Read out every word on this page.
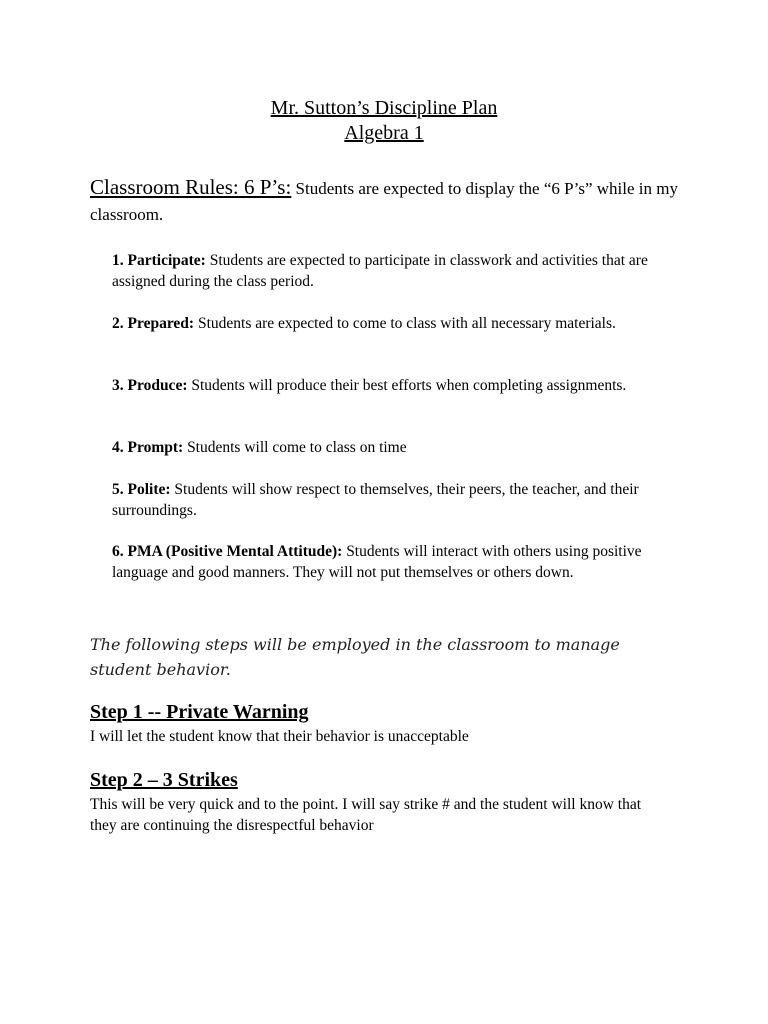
Mr. Sutton’s Discipline Plan
Algebra 1
Classroom Rules: 6 P’s: Students are expected to display the “6 P’s” while in my classroom.
1. Participate: Students are expected to participate in classwork and activities that are assigned during the class period.
2. Prepared: Students are expected to come to class with all necessary materials.
3. Produce: Students will produce their best efforts when completing assignments.
4. Prompt: Students will come to class on time
5. Polite: Students will show respect to themselves, their peers, the teacher, and their surroundings.
6. PMA (Positive Mental Attitude): Students will interact with others using positive language and good manners. They will not put themselves or others down.
The following steps will be employed in the classroom to manage student behavior.
Step 1 -- Private Warning
I will let the student know that their behavior is unacceptable
Step 2 – 3 Strikes
This will be very quick and to the point. I will say strike # and the student will know that they are continuing the disrespectful behavior
